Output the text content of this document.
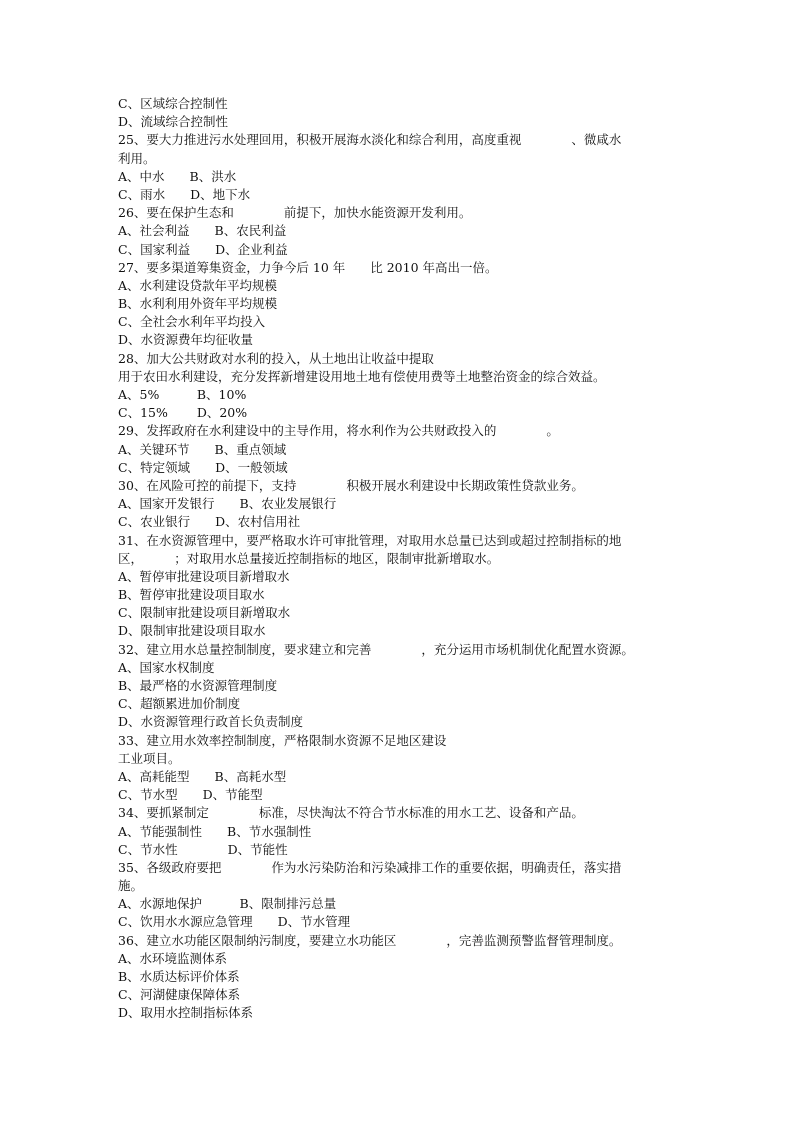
C、区域综合控制性
D、流域综合控制性
25、要大力推进污水处理回用，积极开展海水淡化和综合利用，高度重视　　　　、微咸水
利用。
A、中水　　B、洪水
C、雨水　　D、地下水
26、要在保护生态和　　　　前提下，加快水能资源开发利用。
A、社会利益　　B、农民利益
C、国家利益　　D、企业利益
27、要多渠道筹集资金，力争今后 10 年　　比 2010 年高出一倍。
A、水利建设贷款年平均规模
B、水利利用外资年平均规模
C、全社会水利年平均投入
D、水资源费年均征收量
28、加大公共财政对水利的投入，从土地出让收益中提取
用于农田水利建设，充分发挥新增建设用地土地有偿使用费等土地整治资金的综合效益。
A、5%　　　B、10%
C、15%　　 D、20%
29、发挥政府在水利建设中的主导作用，将水利作为公共财政投入的　　　　。
A、关键环节　　B、重点领域
C、特定领域　　D、一般领域
30、在风险可控的前提下，支持　　　　积极开展水利建设中长期政策性贷款业务。
A、国家开发银行　　B、农业发展银行
C、农业银行　　D、农村信用社
31、在水资源管理中，要严格取水许可审批管理，对取用水总量已达到或超过控制指标的地
区，　　　；对取用水总量接近控制指标的地区，限制审批新增取水。
A、暂停审批建设项目新增取水
B、暂停审批建设项目取水
C、限制审批建设项目新增取水
D、限制审批建设项目取水
32、建立用水总量控制制度，要求建立和完善　　　　，充分运用市场机制优化配置水资源。
A、国家水权制度
B、最严格的水资源管理制度
C、超额累进加价制度
D、水资源管理行政首长负责制度
33、建立用水效率控制制度，严格限制水资源不足地区建设
工业项目。
A、高耗能型　　B、高耗水型
C、节水型　　D、节能型
34、要抓紧制定　　　　标准，尽快淘汰不符合节水标准的用水工艺、设备和产品。
A、节能强制性　　B、节水强制性
C、节水性　　　　D、节能性
35、各级政府要把　　　　作为水污染防治和污染减排工作的重要依据，明确责任，落实措
施。
A、水源地保护　　　B、限制排污总量
C、饮用水水源应急管理　　D、节水管理
36、建立水功能区限制纳污制度，要建立水功能区　　　　，完善监测预警监督管理制度。
A、水环境监测体系
B、水质达标评价体系
C、河湖健康保障体系
D、取用水控制指标体系
